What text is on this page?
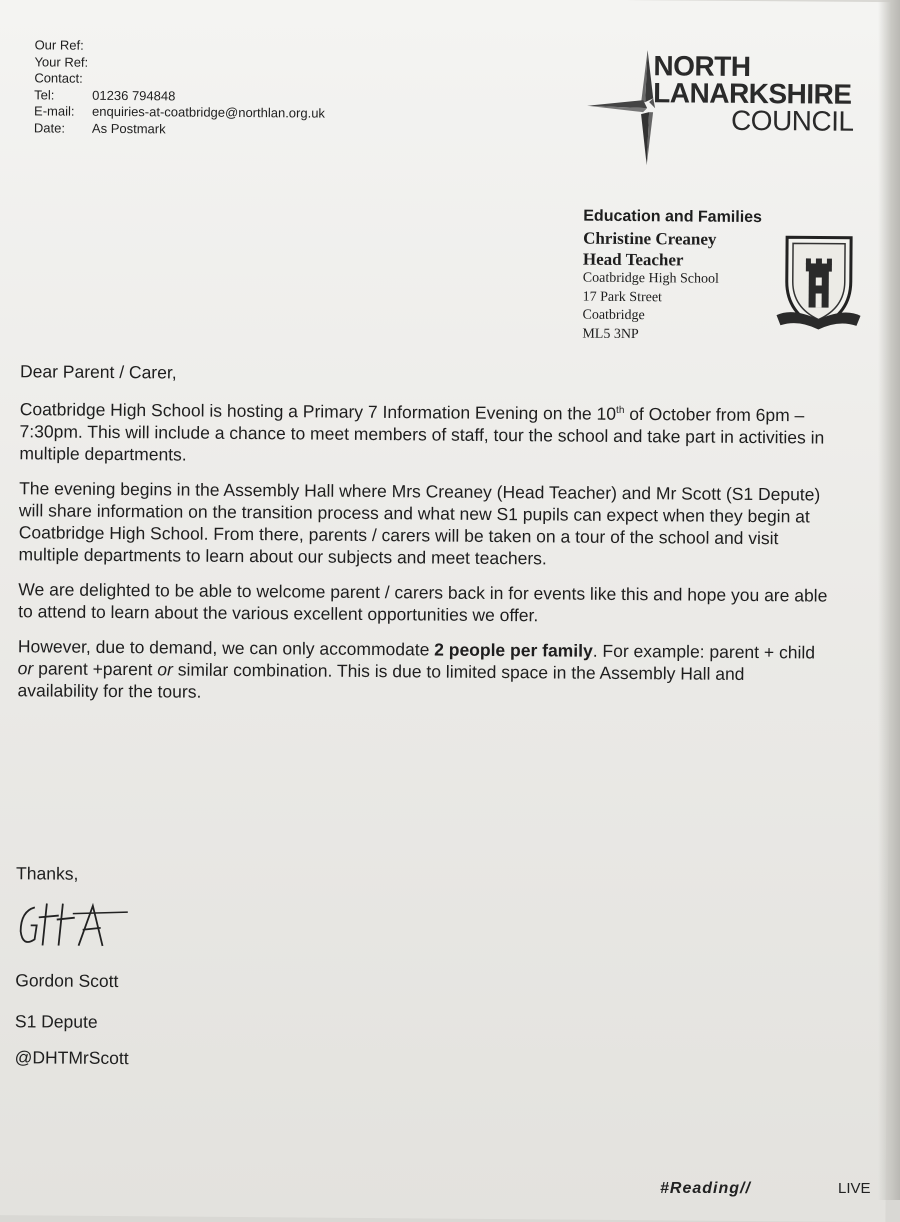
Our Ref:
Your Ref:
Contact:
Tel:	01236 794848
E-mail:	enquiries-at-coatbridge@northlan.org.uk
Date:	As Postmark
NORTH
LANARKSHIRE
COUNCIL
Education and Families
Christine Creaney
Head Teacher
Coatbridge High School
17 Park Street
Coatbridge
ML5 3NP

Dear Parent / Carer,

Coatbridge High School is hosting a Primary 7 Information Evening on the 10th of October from 6pm – 7:30pm. This will include a chance to meet members of staff, tour the school and take part in activities in multiple departments.

The evening begins in the Assembly Hall where Mrs Creaney (Head Teacher) and Mr Scott (S1 Depute) will share information on the transition process and what new S1 pupils can expect when they begin at Coatbridge High School. From there, parents / carers will be taken on a tour of the school and visit multiple departments to learn about our subjects and meet teachers.

We are delighted to be able to welcome parent / carers back in for events like this and hope you are able to attend to learn about the various excellent opportunities we offer.

However, due to demand, we can only accommodate 2 people per family. For example: parent + child or parent +parent or similar combination. This is due to limited space in the Assembly Hall and availability for the tours.

Thanks,
Gordon Scott
S1 Depute
@DHTMrScott
#Reading//	LIVE
